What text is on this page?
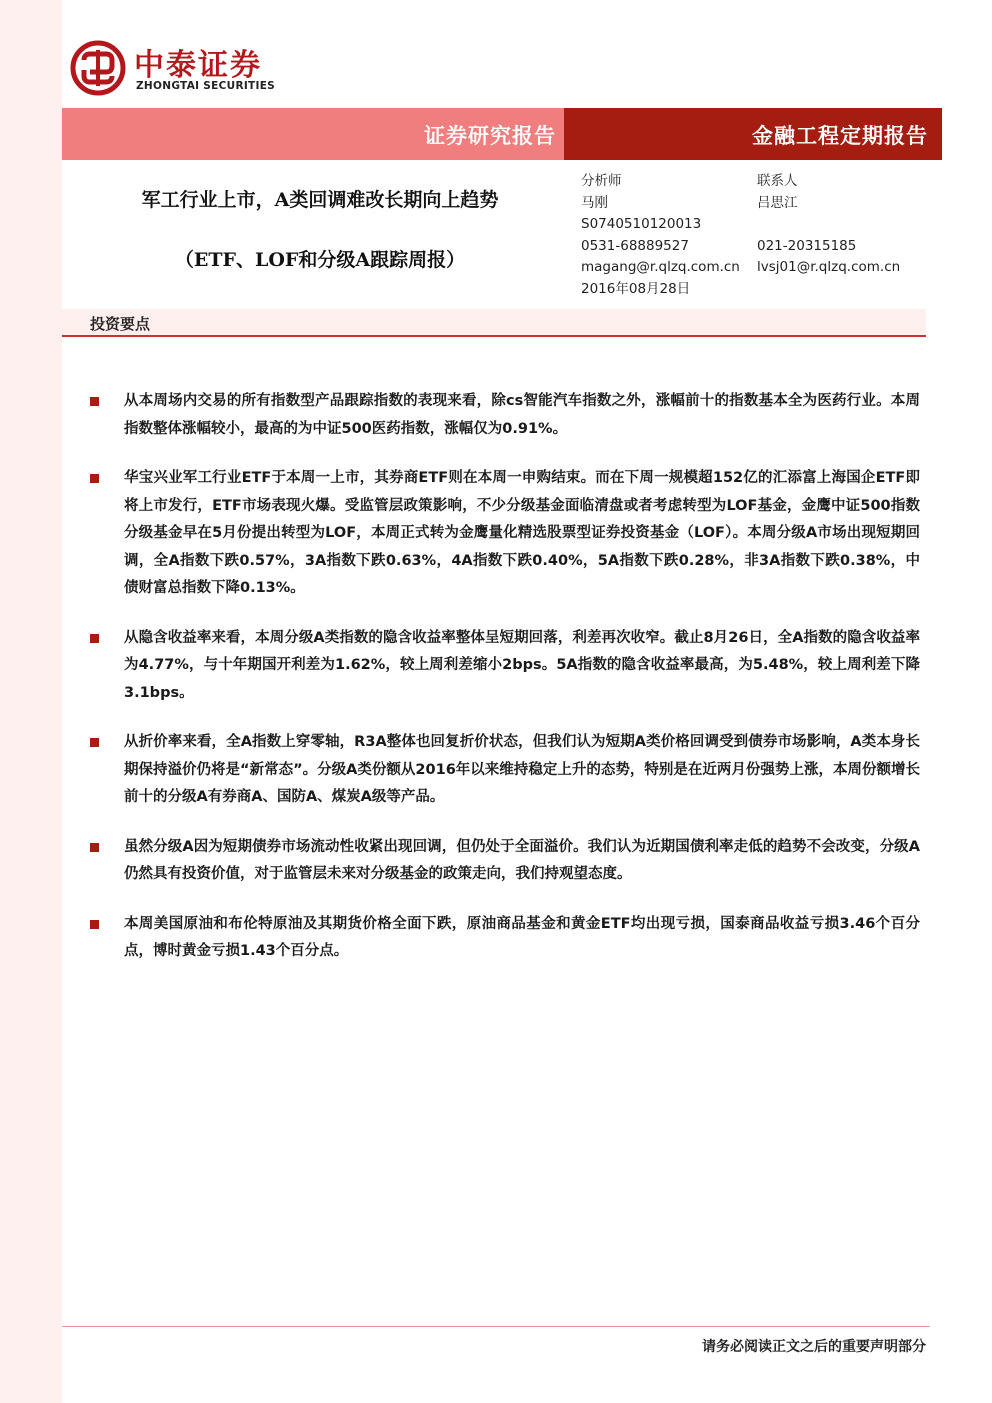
中泰证券
ZHONGTAI SECURITIES
证券研究报告	金融工程定期报告
军工行业上市，A类回调难改长期向上趋势
（ETF、LOF和分级A跟踪周报）
分析师
马刚
S0740510120013
0531-68889527
magang@r.qlzq.com.cn
2016年08月28日
联系人
吕思江
021-20315185
lvsj01@r.qlzq.com.cn
投资要点
从本周场内交易的所有指数型产品跟踪指数的表现来看，除cs智能汽车指数之外，涨幅前十的指数基本全为医药行业。本周指数整体涨幅较小，最高的为中证500医药指数，涨幅仅为0.91%。
华宝兴业军工行业ETF于本周一上市，其券商ETF则在本周一申购结束。而在下周一规模超152亿的汇添富上海国企ETF即将上市发行，ETF市场表现火爆。受监管层政策影响，不少分级基金面临清盘或者考虑转型为LOF基金，金鹰中证500指数分级基金早在5月份提出转型为LOF，本周正式转为金鹰量化精选股票型证券投资基金（LOF）。本周分级A市场出现短期回调，全A指数下跌0.57%，3A指数下跌0.63%，4A指数下跌0.40%，5A指数下跌0.28%，非3A指数下跌0.38%，中债财富总指数下降0.13%。
从隐含收益率来看，本周分级A类指数的隐含收益率整体呈短期回落，利差再次收窄。截止8月26日，全A指数的隐含收益率为4.77%，与十年期国开利差为1.62%，较上周利差缩小2bps。5A指数的隐含收益率最高，为5.48%，较上周利差下降3.1bps。
从折价率来看，全A指数上穿零轴，R3A整体也回复折价状态，但我们认为短期A类价格回调受到债券市场影响，A类本身长期保持溢价仍将是“新常态”。分级A类份额从2016年以来维持稳定上升的态势，特别是在近两月份强势上涨，本周份额增长前十的分级A有券商A、国防A、煤炭A级等产品。
虽然分级A因为短期债券市场流动性收紧出现回调，但仍处于全面溢价。我们认为近期国债利率走低的趋势不会改变，分级A仍然具有投资价值，对于监管层未来对分级基金的政策走向，我们持观望态度。
本周美国原油和布伦特原油及其期货价格全面下跌，原油商品基金和黄金ETF均出现亏损，国泰商品收益亏损3.46个百分点，博时黄金亏损1.43个百分点。
请务必阅读正文之后的重要声明部分
